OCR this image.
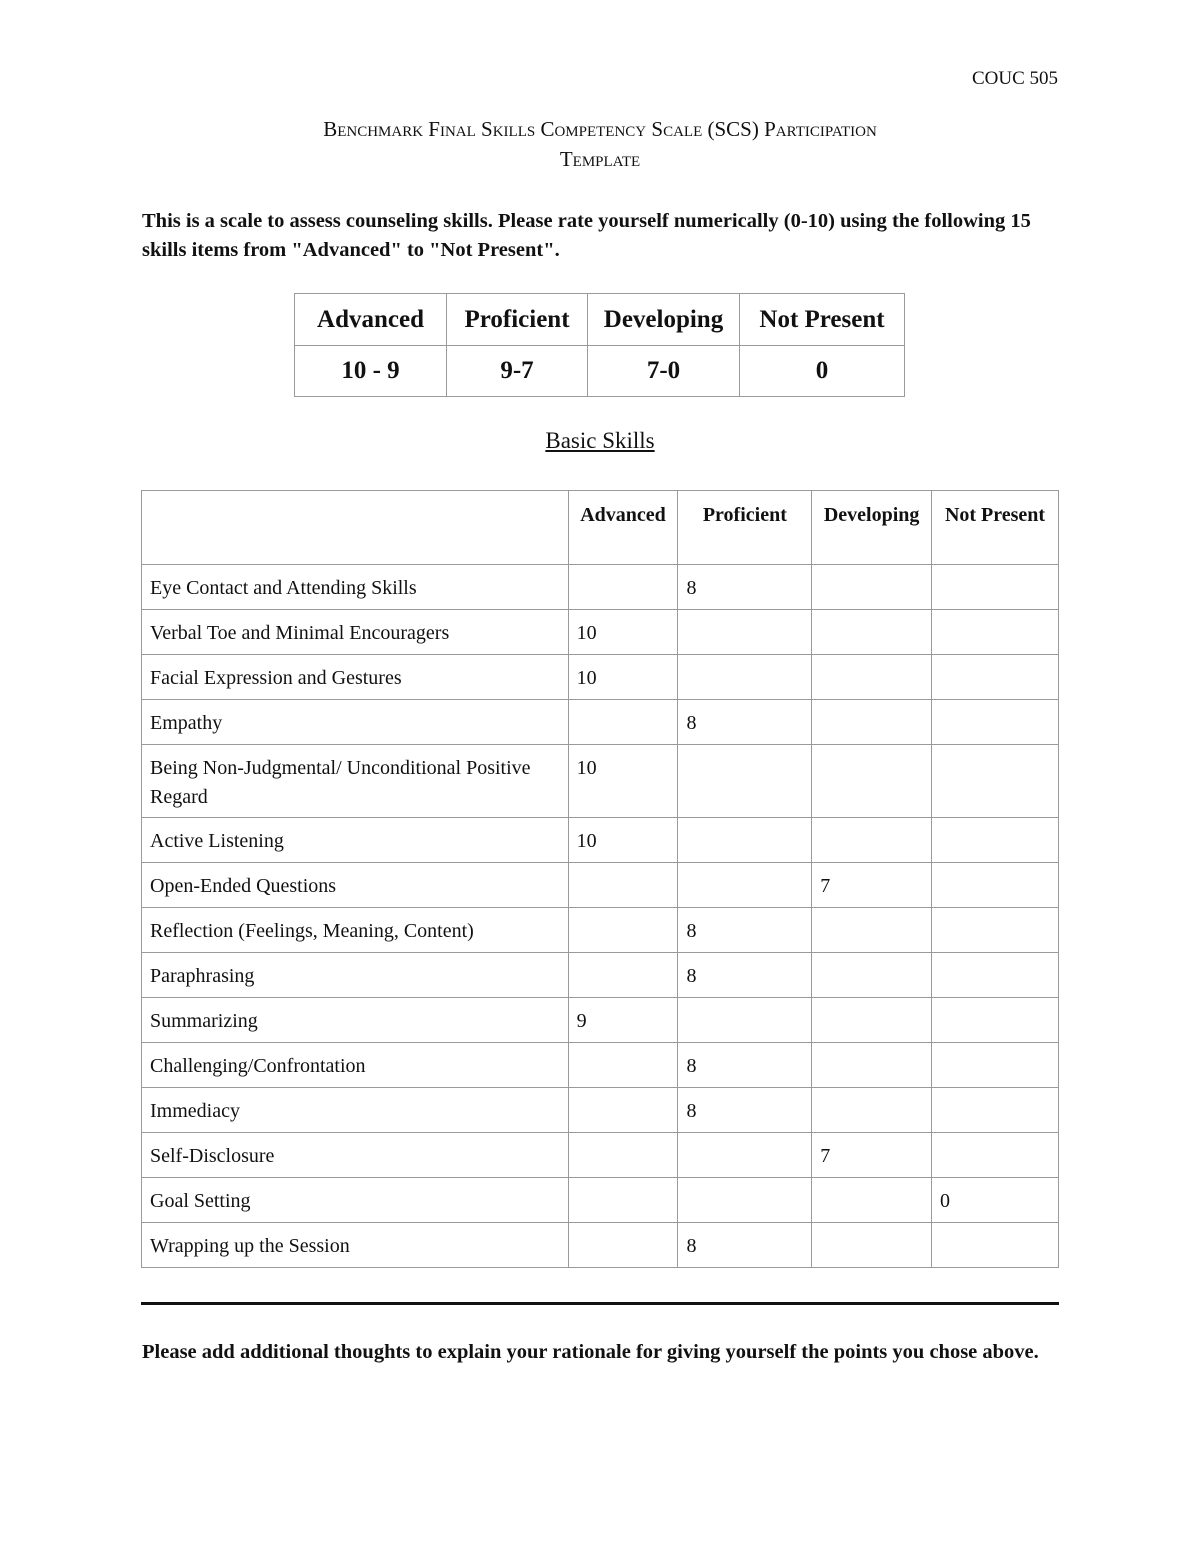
COUC 505
Benchmark Final Skills Competency Scale (SCS) Participation
Template
This is a scale to assess counseling skills. Please rate yourself numerically (0-10) using the following 15 skills items from "Advanced" to "Not Present".
Advanced	Proficient	Developing	Not Present
10 - 9	9-7	7-0	0
Basic Skills
	Advanced	Proficient	Developing	Not Present
Eye Contact and Attending Skills		8		
Verbal Toe and Minimal Encouragers	10			
Facial Expression and Gestures	10			
Empathy		8		
Being Non-Judgmental/ Unconditional Positive Regard	10			
Active Listening	10			
Open-Ended Questions			7	
Reflection (Feelings, Meaning, Content)		8		
Paraphrasing		8		
Summarizing	9			
Challenging/Confrontation		8		
Immediacy		8		
Self-Disclosure			7	
Goal Setting				0
Wrapping up the Session		8		
Please add additional thoughts to explain your rationale for giving yourself the points you chose above.
